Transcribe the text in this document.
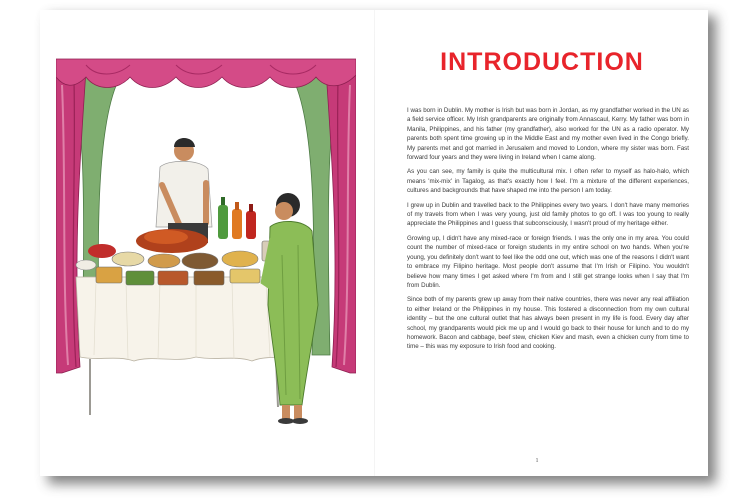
INTRODUCTION

I was born in Dublin. My mother is Irish but was born in Jordan, as my grandfather worked in the UN as a field service officer. My Irish grandparents are originally from Annascaul, Kerry. My father was born in Manila, Philippines, and his father (my grandfather), also worked for the UN as a radio operator. My parents both spent time growing up in the Middle East and my mother even lived in the Congo briefly. My parents met and got married in Jerusalem and moved to London, where my sister was born. Fast forward four years and they were living in Ireland when I came along.

As you can see, my family is quite the multicultural mix. I often refer to myself as halo-halo, which means 'mix-mix' in Tagalog, as that's exactly how I feel. I'm a mixture of the different experiences, cultures and backgrounds that have shaped me into the person I am today.

I grew up in Dublin and travelled back to the Philippines every two years. I don't have many memories of my travels from when I was very young, just old family photos to go off. I was too young to really appreciate the Philippines and I guess that subconsciously, I wasn't proud of my heritage either.

Growing up, I didn't have any mixed-race or foreign friends. I was the only one in my area. You could count the number of mixed-race or foreign students in my entire school on two hands. When you're young, you definitely don't want to feel like the odd one out, which was one of the reasons I didn't want to embrace my Filipino heritage. Most people don't assume that I'm Irish or Filipino. You wouldn't believe how many times I get asked where I'm from and I still get strange looks when I say that I'm from Dublin.

Since both of my parents grew up away from their native countries, there was never any real affiliation to either Ireland or the Philippines in my house. This fostered a disconnection from my own cultural identity – but the one cultural outlet that has always been present in my life is food. Every day after school, my grandparents would pick me up and I would go back to their house for lunch and to do my homework. Bacon and cabbage, beef stew, chicken Kiev and mash, even a chicken curry from time to time – this was my exposure to Irish food and cooking.

1
